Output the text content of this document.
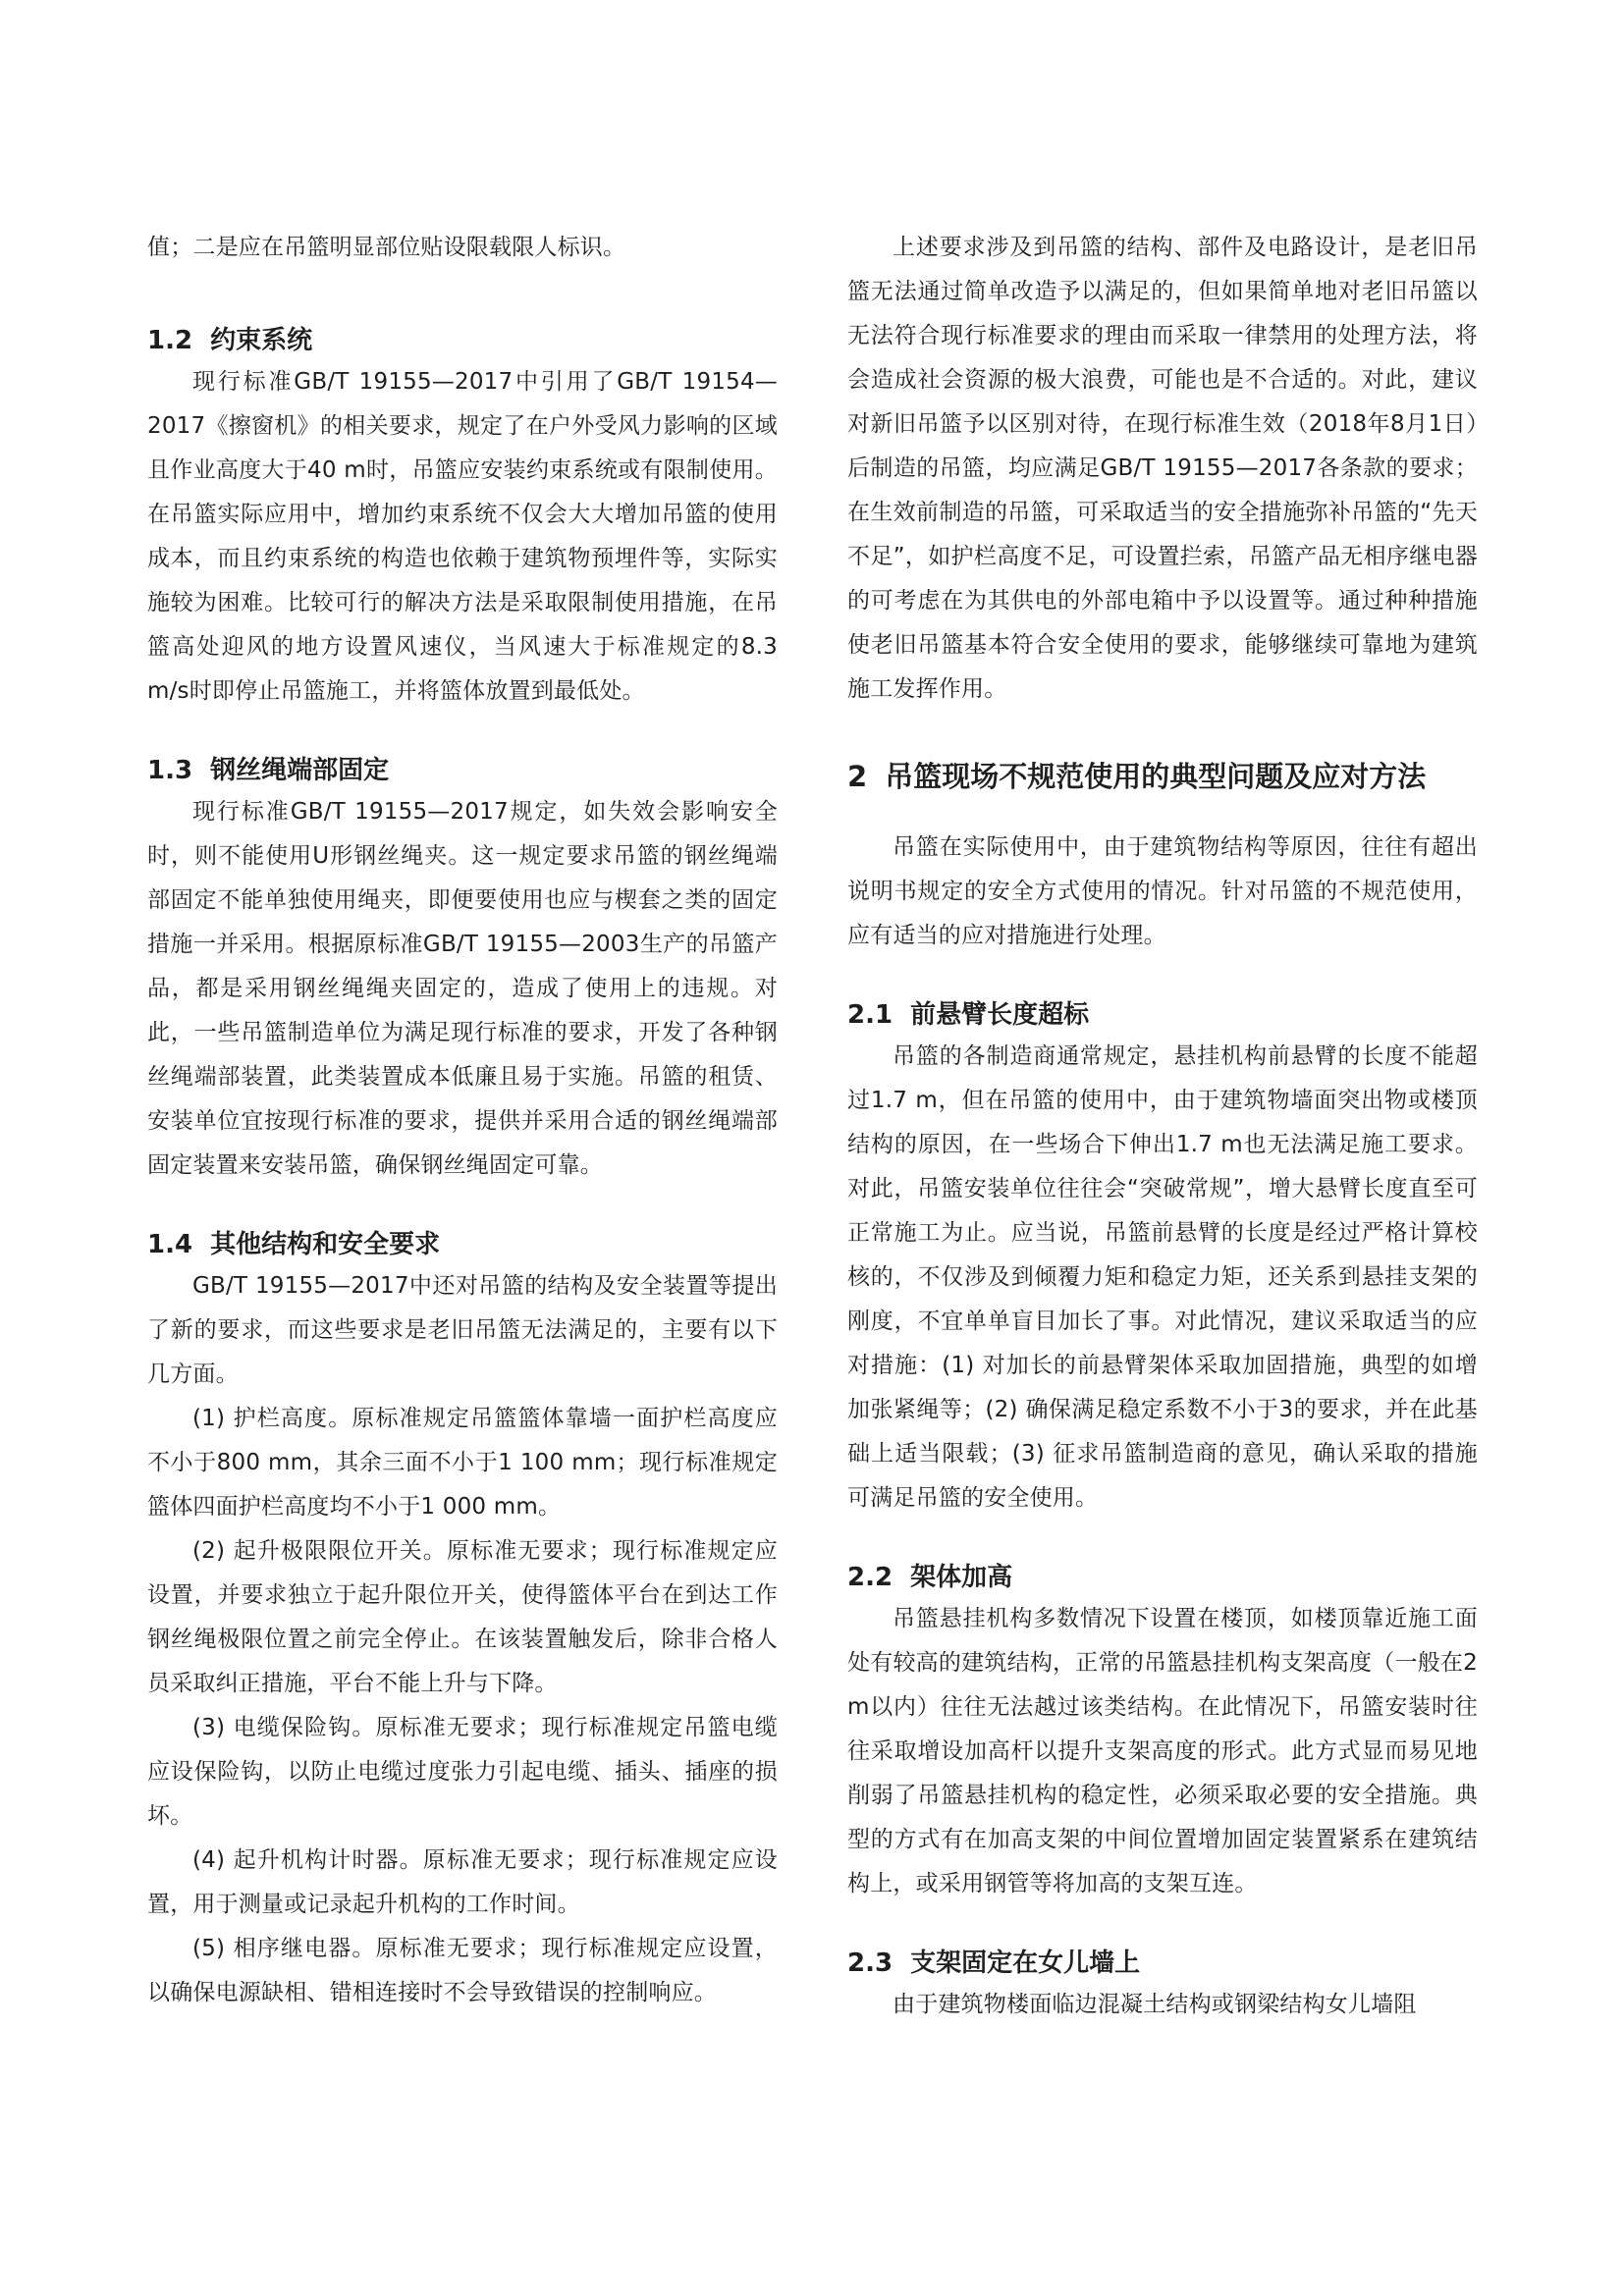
值；二是应在吊篮明显部位贴设限载限人标识。

1.2 约束系统

现行标准GB/T 19155—2017中引用了GB/T 19154—2017《擦窗机》的相关要求，规定了在户外受风力影响的区域且作业高度大于40 m时，吊篮应安装约束系统或有限制使用。在吊篮实际应用中，增加约束系统不仅会大大增加吊篮的使用成本，而且约束系统的构造也依赖于建筑物预埋件等，实际实施较为困难。比较可行的解决方法是采取限制使用措施，在吊篮高处迎风的地方设置风速仪，当风速大于标准规定的8.3 m/s时即停止吊篮施工，并将篮体放置到最低处。

1.3 钢丝绳端部固定

现行标准GB/T 19155—2017规定，如失效会影响安全时，则不能使用U形钢丝绳夹。这一规定要求吊篮的钢丝绳端部固定不能单独使用绳夹，即便要使用也应与楔套之类的固定措施一并采用。根据原标准GB/T 19155—2003生产的吊篮产品，都是采用钢丝绳绳夹固定的，造成了使用上的违规。对此，一些吊篮制造单位为满足现行标准的要求，开发了各种钢丝绳端部装置，此类装置成本低廉且易于实施。吊篮的租赁、安装单位宜按现行标准的要求，提供并采用合适的钢丝绳端部固定装置来安装吊篮，确保钢丝绳固定可靠。

1.4 其他结构和安全要求

GB/T 19155—2017中还对吊篮的结构及安全装置等提出了新的要求，而这些要求是老旧吊篮无法满足的，主要有以下几方面。

(1) 护栏高度。原标准规定吊篮篮体靠墙一面护栏高度应不小于800 mm，其余三面不小于1 100 mm；现行标准规定篮体四面护栏高度均不小于1 000 mm。

(2) 起升极限限位开关。原标准无要求；现行标准规定应设置，并要求独立于起升限位开关，使得篮体平台在到达工作钢丝绳极限位置之前完全停止。在该装置触发后，除非合格人员采取纠正措施，平台不能上升与下降。

(3) 电缆保险钩。原标准无要求；现行标准规定吊篮电缆应设保险钩，以防止电缆过度张力引起电缆、插头、插座的损坏。

(4) 起升机构计时器。原标准无要求；现行标准规定应设置，用于测量或记录起升机构的工作时间。

(5) 相序继电器。原标准无要求；现行标准规定应设置，以确保电源缺相、错相连接时不会导致错误的控制响应。

上述要求涉及到吊篮的结构、部件及电路设计，是老旧吊篮无法通过简单改造予以满足的，但如果简单地对老旧吊篮以无法符合现行标准要求的理由而采取一律禁用的处理方法，将会造成社会资源的极大浪费，可能也是不合适的。对此，建议对新旧吊篮予以区别对待，在现行标准生效（2018年8月1日）后制造的吊篮，均应满足GB/T 19155—2017各条款的要求；在生效前制造的吊篮，可采取适当的安全措施弥补吊篮的“先天不足”，如护栏高度不足，可设置拦索，吊篮产品无相序继电器的可考虑在为其供电的外部电箱中予以设置等。通过种种措施使老旧吊篮基本符合安全使用的要求，能够继续可靠地为建筑施工发挥作用。

2 吊篮现场不规范使用的典型问题及应对方法

吊篮在实际使用中，由于建筑物结构等原因，往往有超出说明书规定的安全方式使用的情况。针对吊篮的不规范使用，应有适当的应对措施进行处理。

2.1 前悬臂长度超标

吊篮的各制造商通常规定，悬挂机构前悬臂的长度不能超过1.7 m，但在吊篮的使用中，由于建筑物墙面突出物或楼顶结构的原因，在一些场合下伸出1.7 m也无法满足施工要求。对此，吊篮安装单位往往会“突破常规”，增大悬臂长度直至可正常施工为止。应当说，吊篮前悬臂的长度是经过严格计算校核的，不仅涉及到倾覆力矩和稳定力矩，还关系到悬挂支架的刚度，不宜单单盲目加长了事。对此情况，建议采取适当的应对措施：(1) 对加长的前悬臂架体采取加固措施，典型的如增加张紧绳等；(2) 确保满足稳定系数不小于3的要求，并在此基础上适当限载；(3) 征求吊篮制造商的意见，确认采取的措施可满足吊篮的安全使用。

2.2 架体加高

吊篮悬挂机构多数情况下设置在楼顶，如楼顶靠近施工面处有较高的建筑结构，正常的吊篮悬挂机构支架高度（一般在2 m以内）往往无法越过该类结构。在此情况下，吊篮安装时往往采取增设加高杆以提升支架高度的形式。此方式显而易见地削弱了吊篮悬挂机构的稳定性，必须采取必要的安全措施。典型的方式有在加高支架的中间位置增加固定装置紧系在建筑结构上，或采用钢管等将加高的支架互连。

2.3 支架固定在女儿墙上

由于建筑物楼面临边混凝土结构或钢梁结构女儿墙阻
